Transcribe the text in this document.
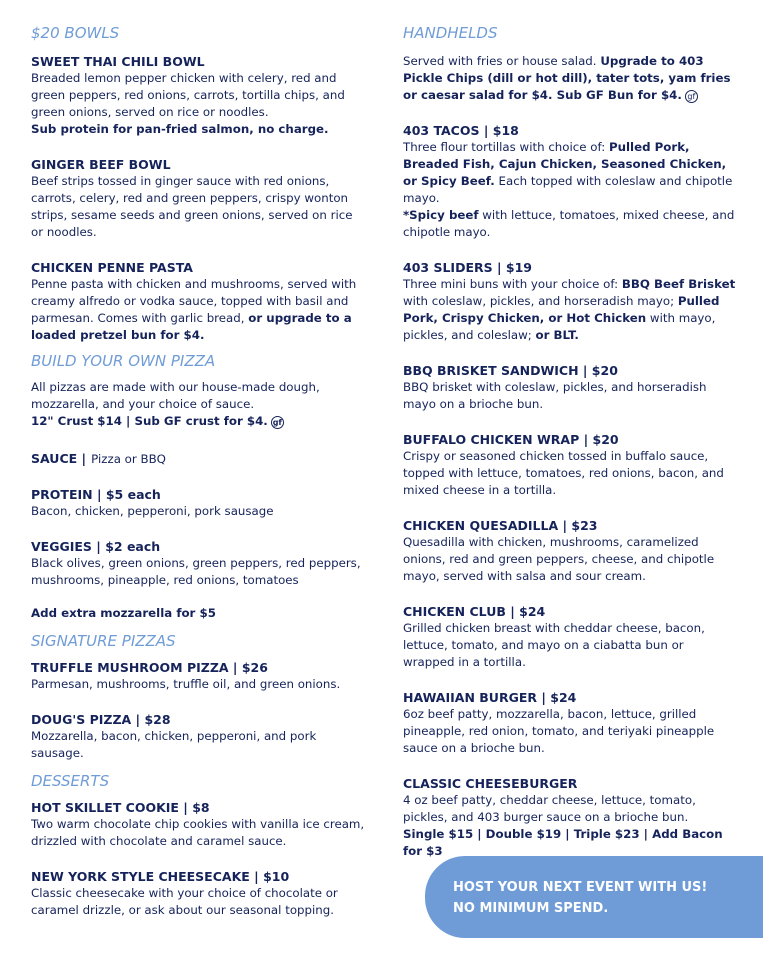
$20 BOWLS
SWEET THAI CHILI BOWL
Breaded lemon pepper chicken with celery, red and green peppers, red onions, carrots, tortilla chips, and green onions, served on rice or noodles.
Sub protein for pan-fried salmon, no charge.
GINGER BEEF BOWL
Beef strips tossed in ginger sauce with red onions, carrots, celery, red and green peppers, crispy wonton strips, sesame seeds and green onions, served on rice or noodles.
CHICKEN PENNE PASTA
Penne pasta with chicken and mushrooms, served with creamy alfredo or vodka sauce, topped with basil and parmesan. Comes with garlic bread, or upgrade to a loaded pretzel bun for $4.
BUILD YOUR OWN PIZZA
All pizzas are made with our house-made dough, mozzarella, and your choice of sauce.
12" Crust $14 | Sub GF crust for $4. gf
SAUCE | Pizza or BBQ
PROTEIN | $5 each
Bacon, chicken, pepperoni, pork sausage
VEGGIES | $2 each
Black olives, green onions, green peppers, red peppers, mushrooms, pineapple, red onions, tomatoes
Add extra mozzarella for $5
SIGNATURE PIZZAS
TRUFFLE MUSHROOM PIZZA | $26
Parmesan, mushrooms, truffle oil, and green onions.
DOUG'S PIZZA | $28
Mozzarella, bacon, chicken, pepperoni, and pork sausage.
DESSERTS
HOT SKILLET COOKIE | $8
Two warm chocolate chip cookies with vanilla ice cream, drizzled with chocolate and caramel sauce.
NEW YORK STYLE CHEESECAKE | $10
Classic cheesecake with your choice of chocolate or caramel drizzle, or ask about our seasonal topping.
HANDHELDS
Served with fries or house salad. Upgrade to 403 Pickle Chips (dill or hot dill), tater tots, yam fries or caesar salad for $4. Sub GF Bun for $4. gf
403 TACOS | $18
Three flour tortillas with choice of: Pulled Pork, Breaded Fish, Cajun Chicken, Seasoned Chicken, or Spicy Beef. Each topped with coleslaw and chipotle mayo.
*Spicy beef with lettuce, tomatoes, mixed cheese, and chipotle mayo.
403 SLIDERS | $19
Three mini buns with your choice of: BBQ Beef Brisket with coleslaw, pickles, and horseradish mayo; Pulled Pork, Crispy Chicken, or Hot Chicken with mayo, pickles, and coleslaw; or BLT.
BBQ BRISKET SANDWICH | $20
BBQ brisket with coleslaw, pickles, and horseradish mayo on a brioche bun.
BUFFALO CHICKEN WRAP | $20
Crispy or seasoned chicken tossed in buffalo sauce, topped with lettuce, tomatoes, red onions, bacon, and mixed cheese in a tortilla.
CHICKEN QUESADILLA | $23
Quesadilla with chicken, mushrooms, caramelized onions, red and green peppers, cheese, and chipotle mayo, served with salsa and sour cream.
CHICKEN CLUB | $24
Grilled chicken breast with cheddar cheese, bacon, lettuce, tomato, and mayo on a ciabatta bun or wrapped in a tortilla.
HAWAIIAN BURGER | $24
6oz beef patty, mozzarella, bacon, lettuce, grilled pineapple, red onion, tomato, and teriyaki pineapple sauce on a brioche bun.
CLASSIC CHEESEBURGER
4 oz beef patty, cheddar cheese, lettuce, tomato, pickles, and 403 burger sauce on a brioche bun.
Single $15 | Double $19 | Triple $23 | Add Bacon for $3
HOST YOUR NEXT EVENT WITH US!
NO MINIMUM SPEND.
